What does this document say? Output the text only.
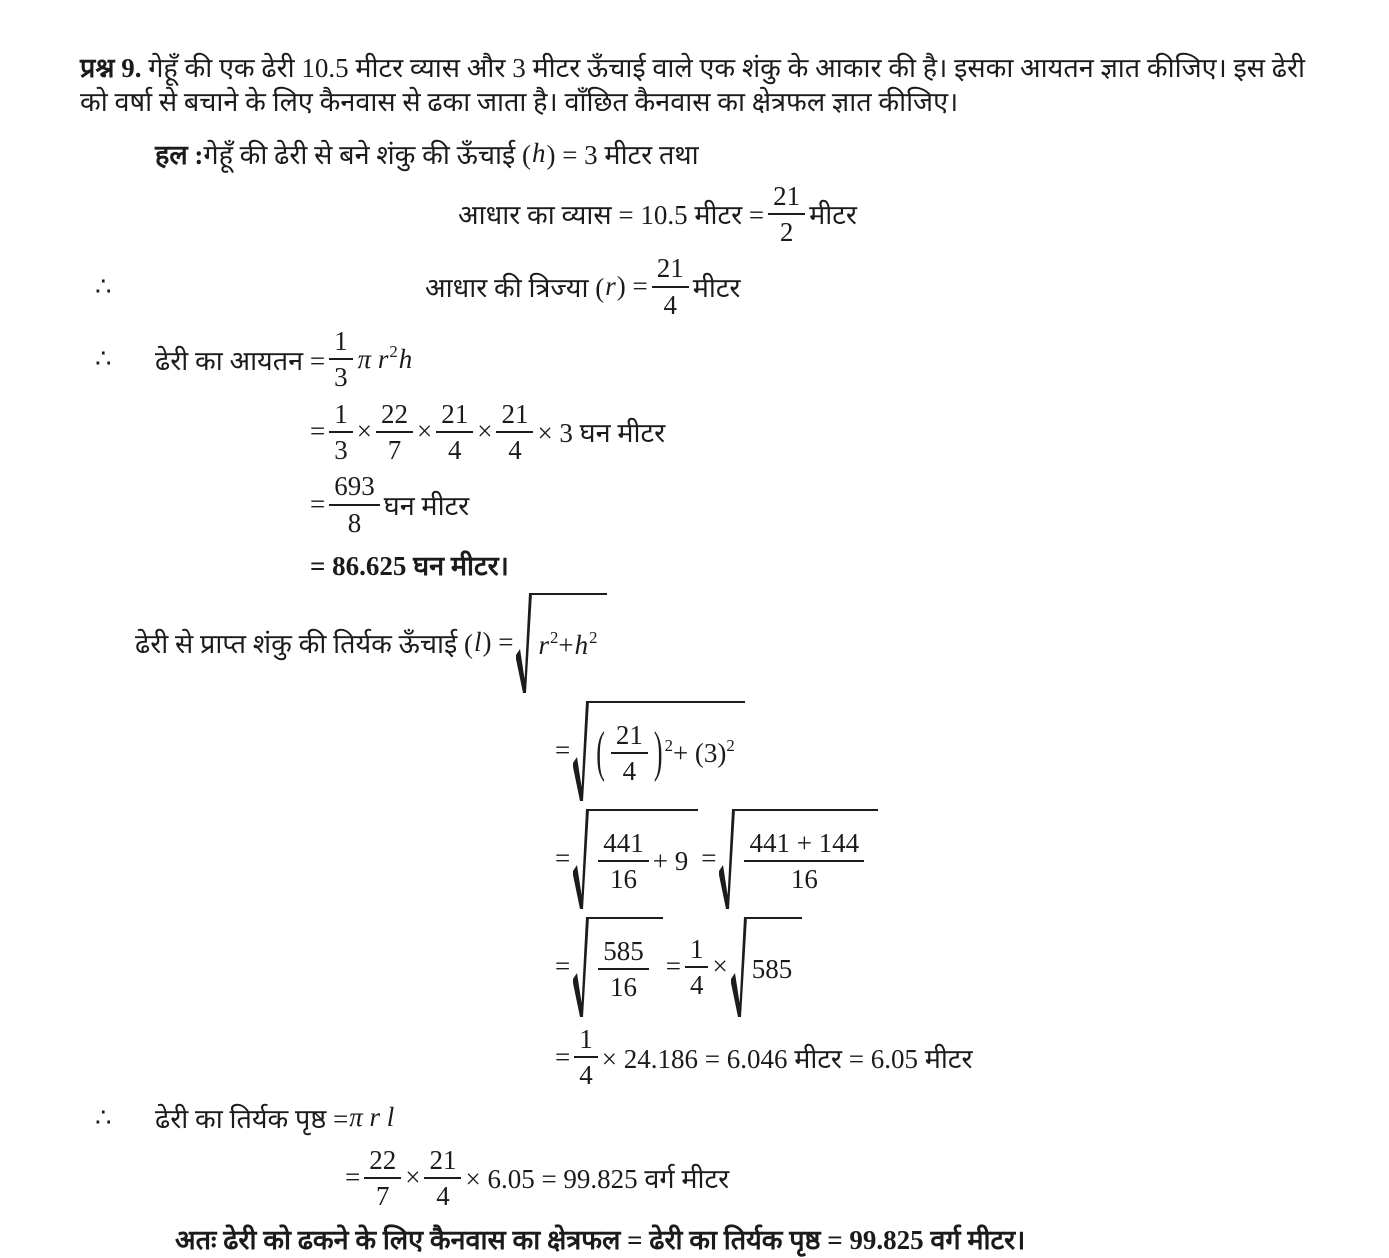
प्रश्न 9. गेहूँ की एक ढेरी 10.5 मीटर व्यास और 3 मीटर ऊँचाई वाले एक शंकु के आकार की है। इसका आयतन ज्ञात कीजिए। इस ढेरी को वर्षा से बचाने के लिए कैनवास से ढका जाता है। वाँछित कैनवास का क्षेत्रफल ज्ञात कीजिए।

हल : गेहूँ की ढेरी से बने शंकु की ऊँचाई ( h ) = 3 मीटर तथा
आधार का व्यास = 10.5 मीटर = $\frac{21}{2}$ मीटर
∴	आधार की त्रिज्या ( r ) = $\frac{21}{4}$ मीटर
∴ ढेरी का आयतन = $\frac{1}{3}$ π $r^2$ h
= $\frac{1}{3} \times \frac{22}{7} \times \frac{21}{4} \times \frac{21}{4} \times 3$ घन मीटर
= $\frac{693}{8}$ घन मीटर
= 86.625 घन मीटर।
ढेरी से प्राप्त शंकु की तिर्यक ऊँचाई ( l ) = $r^2 + h^2$
= ( $\frac{21}{4} )^2 + (3)^2$
= $\frac{441}{16} + 9 = \frac{441 + 144}{16}$
= $\frac{585}{16} = \frac{1}{4} \times 585$
= $\frac{1}{4} \times 24.186 = 6.046$ मीटर = 6.05 मीटर
∴ ढेरी का तिर्यक पृष्ठ = π r l
= $\frac{22}{7} \times \frac{21}{4} \times 6.05 = 99.825$ वर्ग मीटर
अतः ढेरी को ढकने के लिए कैनवास का क्षेत्रफल = ढेरी का तिर्यक पृष्ठ = 99.825 वर्ग मीटर।
